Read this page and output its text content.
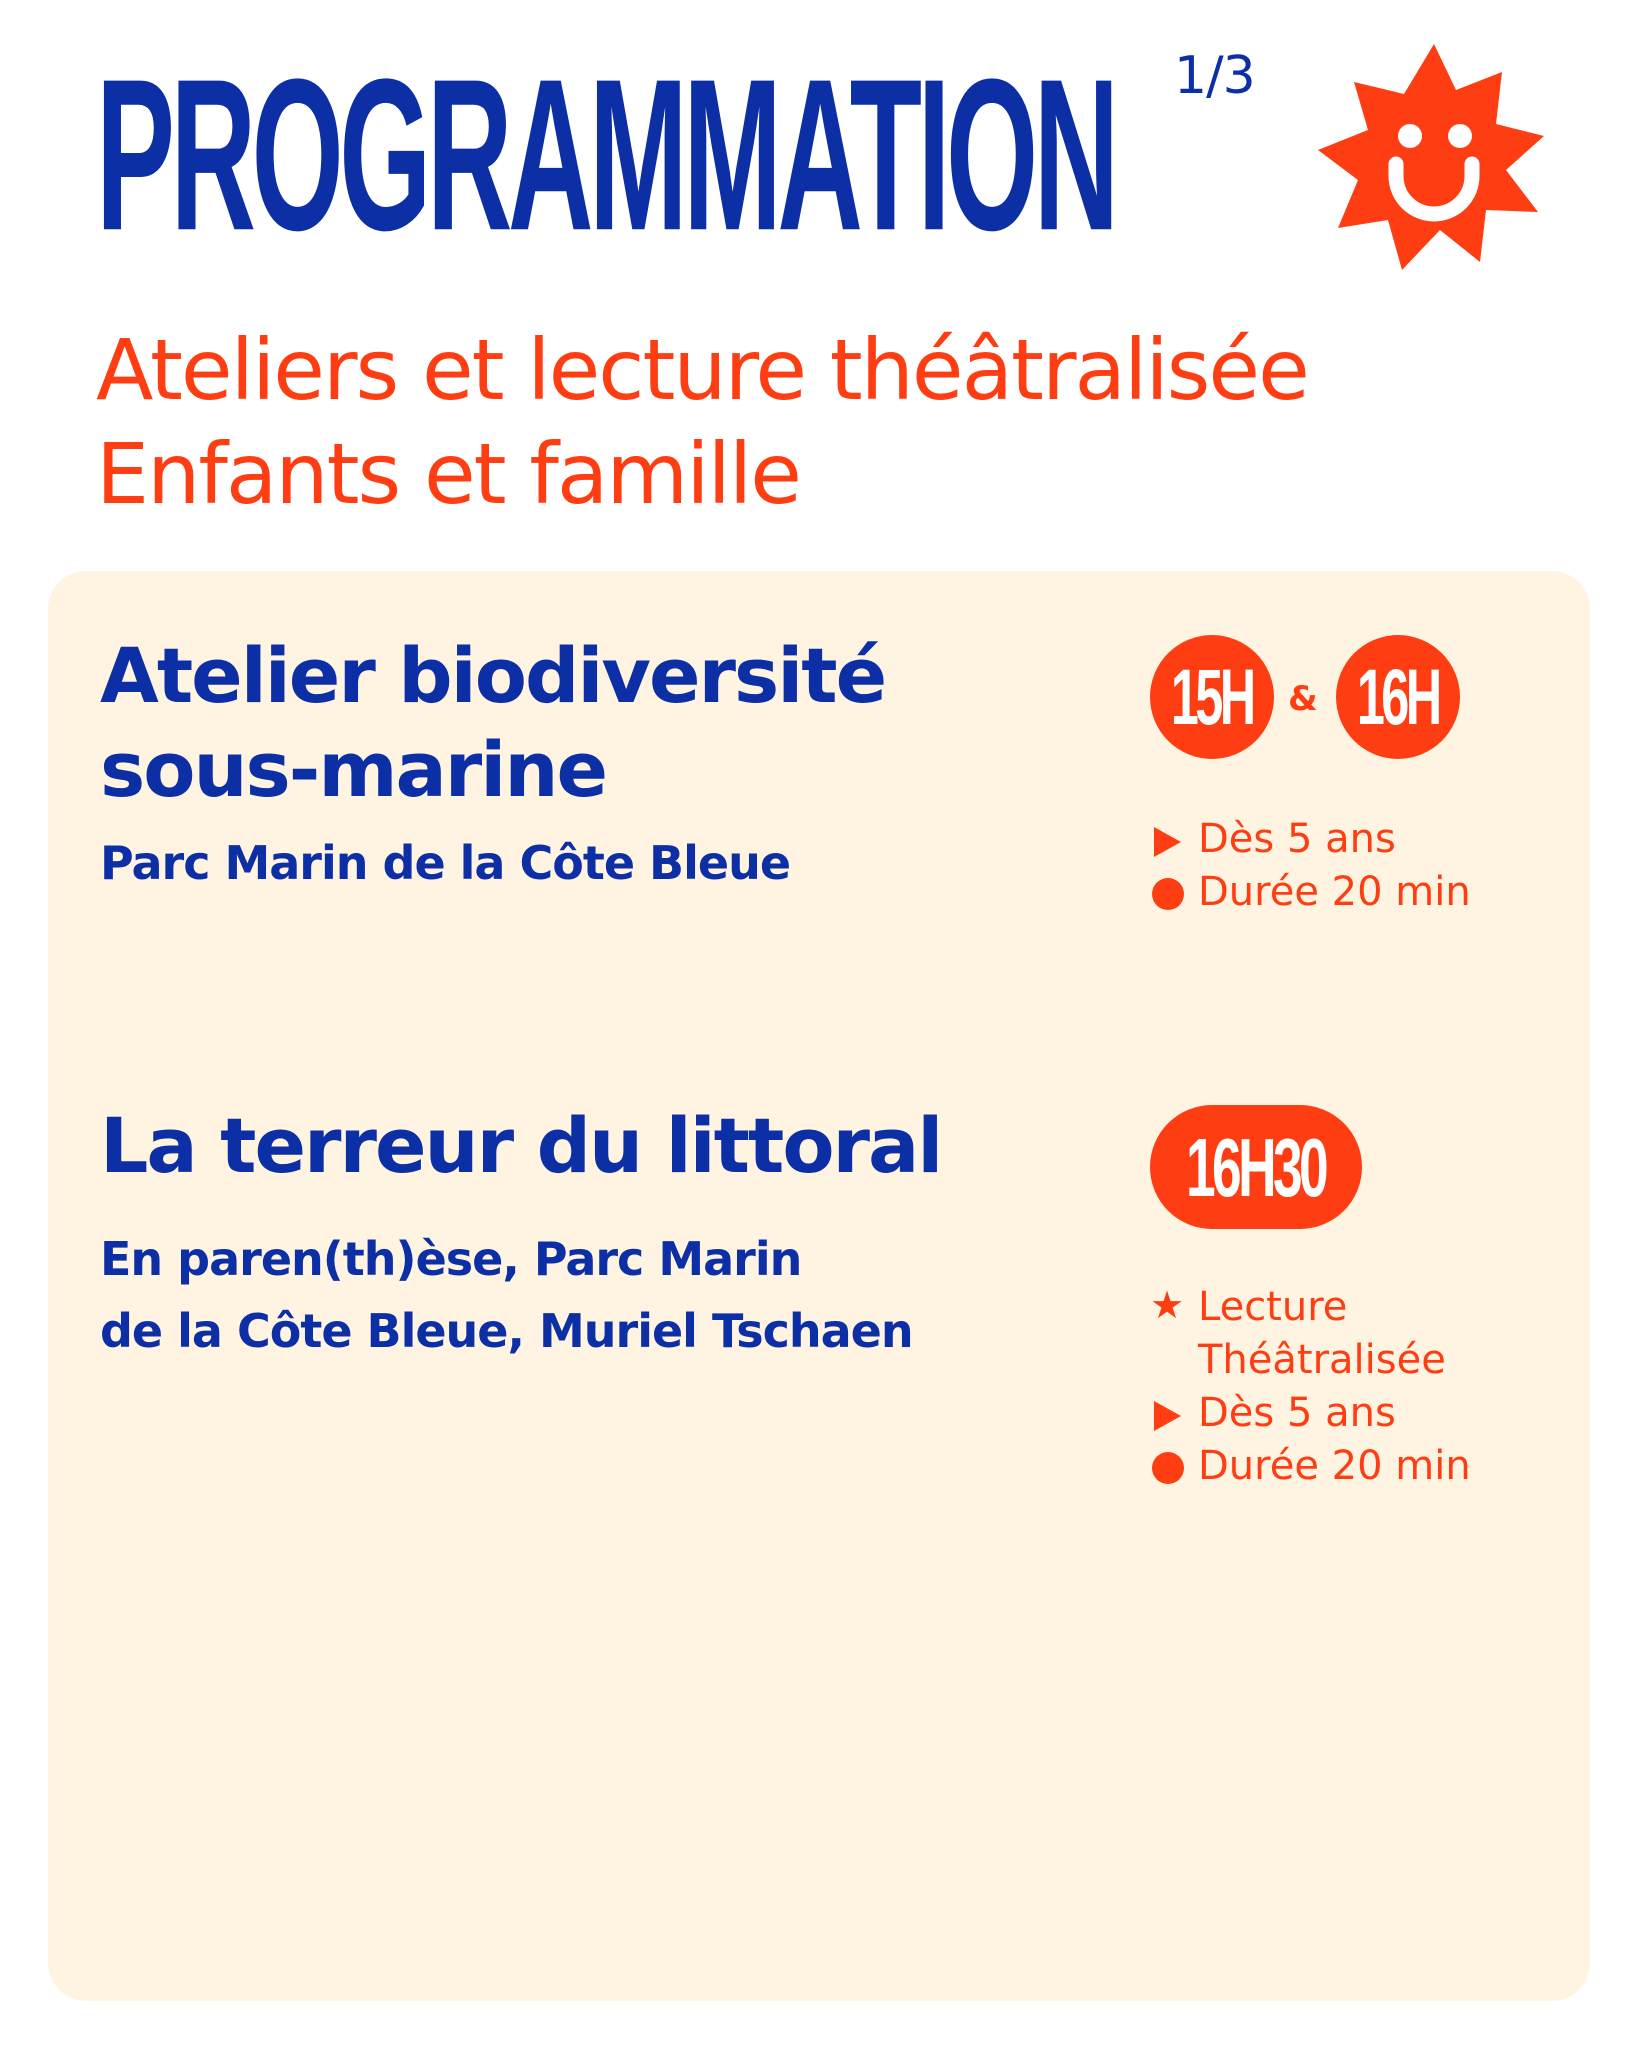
PROGRAMMATION 1/3
Ateliers et lecture théâtralisée
Enfants et famille
Atelier biodiversité
sous-marine
Parc Marin de la Côte Bleue
15H & 16H
Dès 5 ans
Durée 20 min
La terreur du littoral
En paren(th)èse, Parc Marin
de la Côte Bleue, Muriel Tschaen
16H30
★ Lecture
Théâtralisée
Dès 5 ans
Durée 20 min
